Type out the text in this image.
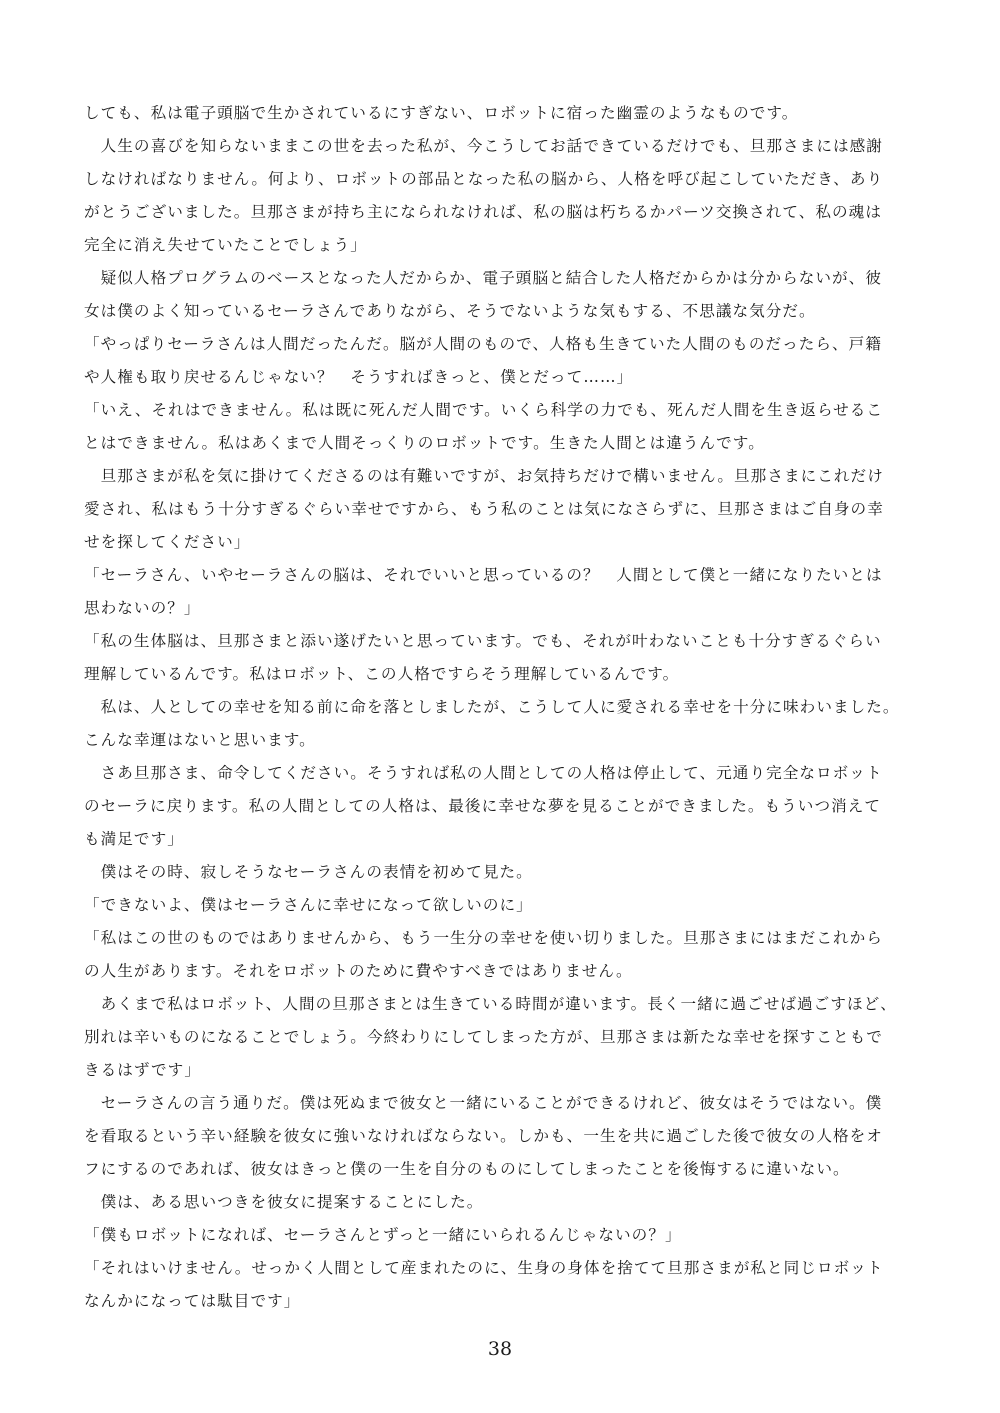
しても、私は電子頭脳で生かされているにすぎない、ロボットに宿った幽霊のようなものです。
　人生の喜びを知らないままこの世を去った私が、今こうしてお話できているだけでも、旦那さまには感謝
しなければなりません。何より、ロボットの部品となった私の脳から、人格を呼び起こしていただき、あり
がとうございました。旦那さまが持ち主になられなければ、私の脳は朽ちるかパーツ交換されて、私の魂は
完全に消え失せていたことでしょう」
　疑似人格プログラムのベースとなった人だからか、電子頭脳と結合した人格だからかは分からないが、彼
女は僕のよく知っているセーラさんでありながら、そうでないような気もする、不思議な気分だ。
「やっぱりセーラさんは人間だったんだ。脳が人間のもので、人格も生きていた人間のものだったら、戸籍
や人権も取り戻せるんじゃない？　そうすればきっと、僕とだって……」
「いえ、それはできません。私は既に死んだ人間です。いくら科学の力でも、死んだ人間を生き返らせるこ
とはできません。私はあくまで人間そっくりのロボットです。生きた人間とは違うんです。
　旦那さまが私を気に掛けてくださるのは有難いですが、お気持ちだけで構いません。旦那さまにこれだけ
愛され、私はもう十分すぎるぐらい幸せですから、もう私のことは気になさらずに、旦那さまはご自身の幸
せを探してください」
「セーラさん、いやセーラさんの脳は、それでいいと思っているの？　人間として僕と一緒になりたいとは
思わないの？」
「私の生体脳は、旦那さまと添い遂げたいと思っています。でも、それが叶わないことも十分すぎるぐらい
理解しているんです。私はロボット、この人格ですらそう理解しているんです。
　私は、人としての幸せを知る前に命を落としましたが、こうして人に愛される幸せを十分に味わいました。
こんな幸運はないと思います。
　さあ旦那さま、命令してください。そうすれば私の人間としての人格は停止して、元通り完全なロボット
のセーラに戻ります。私の人間としての人格は、最後に幸せな夢を見ることができました。もういつ消えて
も満足です」
　僕はその時、寂しそうなセーラさんの表情を初めて見た。
「できないよ、僕はセーラさんに幸せになって欲しいのに」
「私はこの世のものではありませんから、もう一生分の幸せを使い切りました。旦那さまにはまだこれから
の人生があります。それをロボットのために費やすべきではありません。
　あくまで私はロボット、人間の旦那さまとは生きている時間が違います。長く一緒に過ごせば過ごすほど、
別れは辛いものになることでしょう。今終わりにしてしまった方が、旦那さまは新たな幸せを探すこともで
きるはずです」
　セーラさんの言う通りだ。僕は死ぬまで彼女と一緒にいることができるけれど、彼女はそうではない。僕
を看取るという辛い経験を彼女に強いなければならない。しかも、一生を共に過ごした後で彼女の人格をオ
フにするのであれば、彼女はきっと僕の一生を自分のものにしてしまったことを後悔するに違いない。
　僕は、ある思いつきを彼女に提案することにした。
「僕もロボットになれば、セーラさんとずっと一緒にいられるんじゃないの？」
「それはいけません。せっかく人間として産まれたのに、生身の身体を捨てて旦那さまが私と同じロボット
なんかになっては駄目です」
38
